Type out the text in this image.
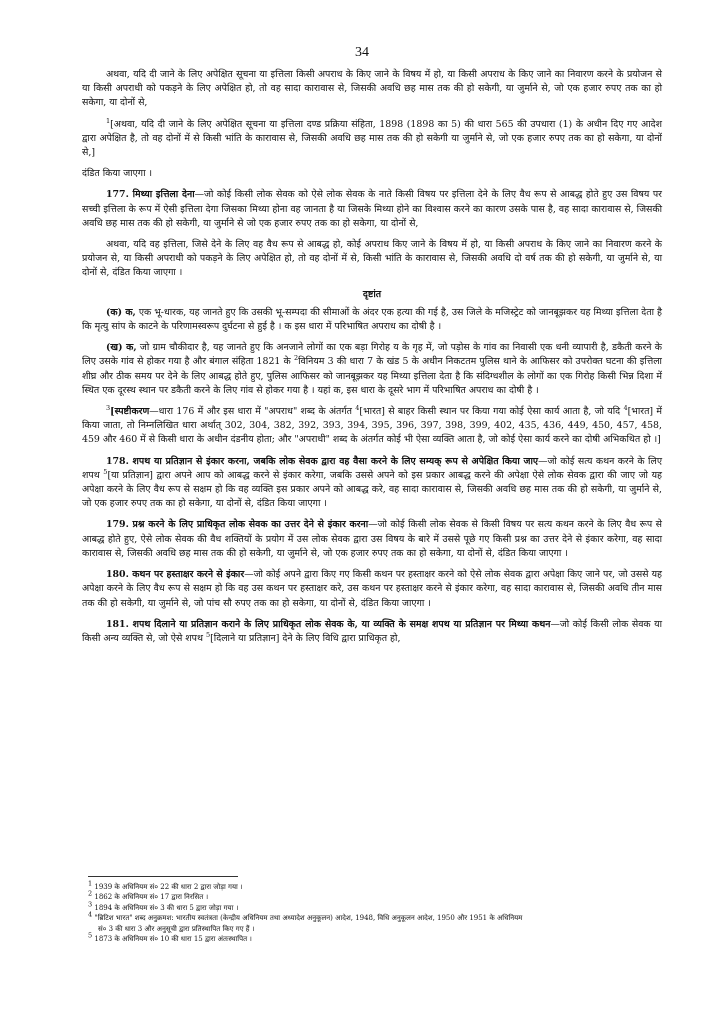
34

अथवा, यदि दी जाने के लिए अपेक्षित सूचना या इत्तिला किसी अपराध के किए जाने के विषय में हो, या किसी अपराध के किए जाने का निवारण करने के प्रयोजन से या किसी अपराधी को पकड़ने के लिए अपेक्षित हो, तो वह सादा कारावास से, जिसकी अवधि छह मास तक की हो सकेगी, या जुर्माने से, जो एक हजार रुपए तक का हो सकेगा, या दोनों से,

$^1$[अथवा, यदि दी जाने के लिए अपेक्षित सूचना या इत्तिला दण्ड प्रक्रिया संहिता, 1898 (1898 का 5) की धारा 565 की उपधारा (1) के अधीन दिए गए आदेश द्वारा अपेक्षित है, तो वह दोनों में से किसी भांति के कारावास से, जिसकी अवधि छह मास तक की हो सकेगी या जुर्माने से, जो एक हजार रुपए तक का हो सकेगा, या दोनों से,]

दंडित किया जाएगा ।

177. मिथ्या इत्तिला देना—जो कोई किसी लोक सेवक को ऐसे लोक सेवक के नाते किसी विषय पर इत्तिला देने के लिए वैध रूप से आबद्ध होते हुए उस विषय पर सच्ची इत्तिला के रूप में ऐसी इत्तिला देगा जिसका मिथ्या होना वह जानता है या जिसके मिथ्या होने का विश्वास करने का कारण उसके पास है, वह सादा कारावास से, जिसकी अवधि छह मास तक की हो सकेगी, या जुर्माने से जो एक हजार रुपए तक का हो सकेगा, या दोनों से,

अथवा, यदि वह इत्तिला, जिसे देने के लिए वह वैध रूप से आबद्ध हो, कोई अपराध किए जाने के विषय में हो, या किसी अपराध के किए जाने का निवारण करने के प्रयोजन से, या किसी अपराधी को पकड़ने के लिए अपेक्षित हो, तो वह दोनों में से, किसी भांति के कारावास से, जिसकी अवधि दो वर्ष तक की हो सकेगी, या जुर्माने से, या दोनों से, दंडित किया जाएगा ।

दृष्टांत

(क) क, एक भू-धारक, यह जानते हुए कि उसकी भू-सम्पदा की सीमाओं के अंदर एक हत्या की गई है, उस जिले के मजिस्ट्रेट को जानबूझकर यह मिथ्या इत्तिला देता है कि मृत्यु सांप के काटने के परिणामस्वरूप दुर्घटना से हुई है । क इस धारा में परिभाषित अपराध का दोषी है ।

(ख) क, जो ग्राम चौकीदार है, यह जानते हुए कि अनजाने लोगों का एक बड़ा गिरोह य के गृह में, जो पड़ोस के गांव का निवासी एक धनी व्यापारी है, डकैती करने के लिए उसके गांव से होकर गया है और बंगाल संहिता 1821 के $^2$विनियम 3 की धारा 7 के खंड 5 के अधीन निकटतम पुलिस थाने के आफिसर को उपरोक्त घटना की इत्तिला शीघ्र और ठीक समय पर देने के लिए आबद्ध होते हुए, पुलिस आफिसर को जानबूझकर यह मिथ्या इत्तिला देता है कि संदिग्धशील के लोगों का एक गिरोह किसी भिन्न दिशा में स्थित एक दूरस्थ स्थान पर डकैती करने के लिए गांव से होकर गया है । यहां क, इस धारा के दूसरे भाग में परिभाषित अपराध का दोषी है ।

$^3$[स्पष्टीकरण—धारा 176 में और इस धारा में "अपराध" शब्द के अंतर्गत $^4$[भारत] से बाहर किसी स्थान पर किया गया कोई ऐसा कार्य आता है, जो यदि $^4$[भारत] में किया जाता, तो निम्नलिखित धारा अर्थात् 302, 304, 382, 392, 393, 394, 395, 396, 397, 398, 399, 402, 435, 436, 449, 450, 457, 458, 459 और 460 में से किसी धारा के अधीन दंडनीय होता; और "अपराधी" शब्द के अंतर्गत कोई भी ऐसा व्यक्ति आता है, जो कोई ऐसा कार्य करने का दोषी अभिकथित हो ।]

178. शपथ या प्रतिज्ञान से इंकार करना, जबकि लोक सेवक द्वारा वह वैसा करने के लिए सम्यक् रूप से अपेक्षित किया जाए—जो कोई सत्य कथन करने के लिए शपथ $^5$[या प्रतिज्ञान] द्वारा अपने आप को आबद्ध करने से इंकार करेगा, जबकि उससे अपने को इस प्रकार आबद्ध करने की अपेक्षा ऐसे लोक सेवक द्वारा की जाए जो यह अपेक्षा करने के लिए वैध रूप से सक्षम हो कि वह व्यक्ति इस प्रकार अपने को आबद्ध करे, वह सादा कारावास से, जिसकी अवधि छह मास तक की हो सकेगी, या जुर्माने से, जो एक हजार रुपए तक का हो सकेगा, या दोनों से, दंडित किया जाएगा ।

179. प्रश्न करने के लिए प्राधिकृत लोक सेवक का उत्तर देने से इंकार करना—जो कोई किसी लोक सेवक से किसी विषय पर सत्य कथन करने के लिए वैध रूप से आबद्ध होते हुए, ऐसे लोक सेवक की वैध शक्तियों के प्रयोग में उस लोक सेवक द्वारा उस विषय के बारे में उससे पूछे गए किसी प्रश्न का उत्तर देने से इंकार करेगा, वह सादा कारावास से, जिसकी अवधि छह मास तक की हो सकेगी, या जुर्माने से, जो एक हजार रुपए तक का हो सकेगा, या दोनों से, दंडित किया जाएगा ।

180. कथन पर हस्ताक्षर करने से इंकार—जो कोई अपने द्वारा किए गए किसी कथन पर हस्ताक्षर करने को ऐसे लोक सेवक द्वारा अपेक्षा किए जाने पर, जो उससे यह अपेक्षा करने के लिए वैध रूप से सक्षम हो कि वह उस कथन पर हस्ताक्षर करे, उस कथन पर हस्ताक्षर करने से इंकार करेगा, वह सादा कारावास से, जिसकी अवधि तीन मास तक की हो सकेगी, या जुर्माने से, जो पांच सौ रुपए तक का हो सकेगा, या दोनों से, दंडित किया जाएगा ।

181. शपथ दिलाने या प्रतिज्ञान कराने के लिए प्राधिकृत लोक सेवक के, या व्यक्ति के समक्ष शपथ या प्रतिज्ञान पर मिथ्या कथन—जो कोई किसी लोक सेवक या किसी अन्य व्यक्ति से, जो ऐसे शपथ $^5$[दिलाने या प्रतिज्ञान] देने के लिए विधि द्वारा प्राधिकृत हो,

$^1$ 1939 के अधिनियम सं० 22 की धारा 2 द्वारा जोड़ा गया ।
$^2$ 1862 के अधिनियम सं० 17 द्वारा निरसित ।
$^3$ 1894 के अधिनियम सं० 3 की धारा 5 द्वारा जोड़ा गया ।
$^4$ "ब्रिटिश भारत" शब्द अनुक्रमश: भारतीय स्वतंत्रता (केन्द्रीय अधिनियम तथा अध्यादेश अनुकूलन) आदेश, 1948, विधि अनुकूलन आदेश, 1950 और 1951 के अधिनियम
सं० 3 की धारा 3 और अनुसूची द्वारा प्रतिस्थापित किए गए हैं ।
$^5$ 1873 के अधिनियम सं० 10 की धारा 15 द्वारा अंतःस्थापित ।
